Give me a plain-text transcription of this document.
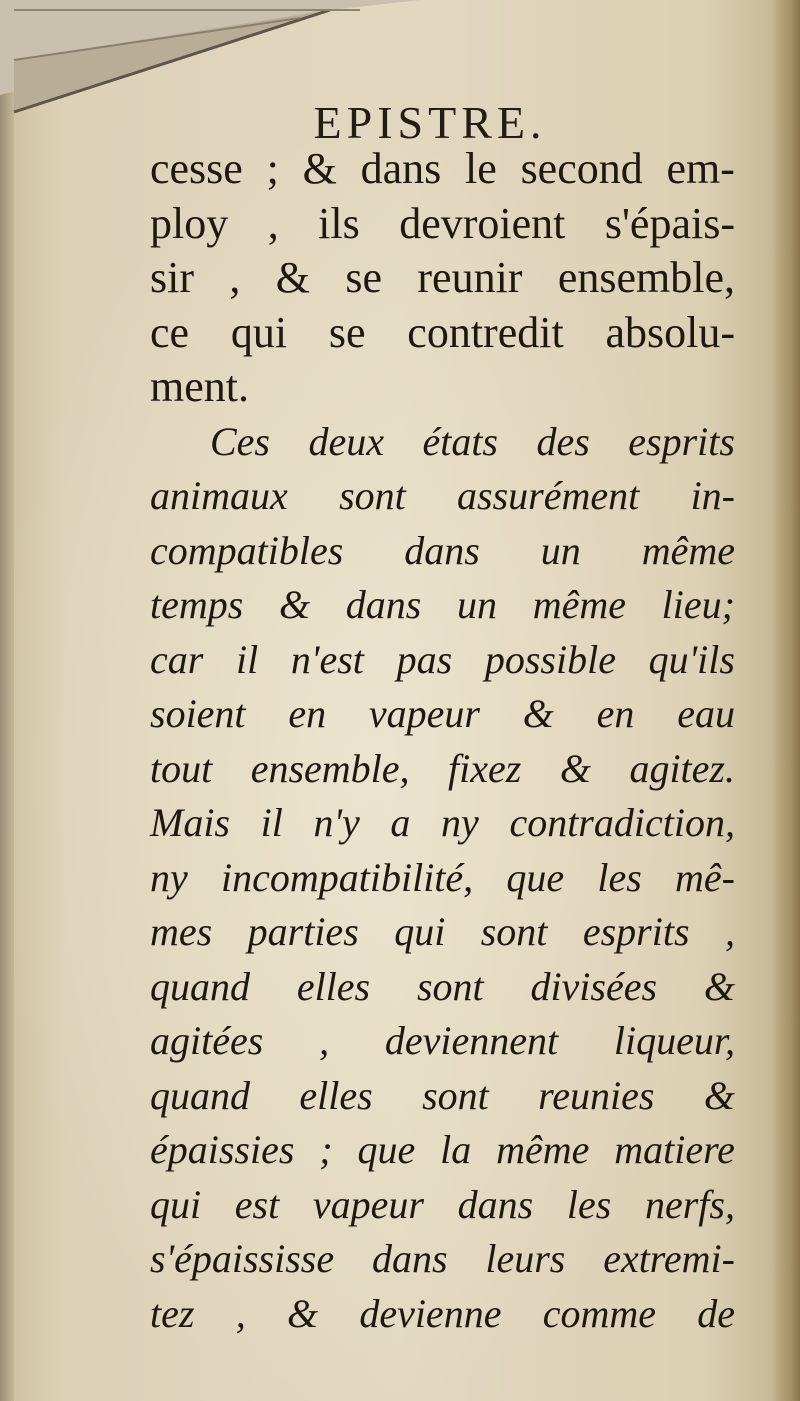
EPISTRE.
cesse ; & dans le second em-
ploy , ils devroient s'épais-
sir , & se reunir ensemble,
ce qui se contredit absolu-
ment.
Ces deux états des esprits
animaux sont assurément in-
compatibles dans un même
temps & dans un même lieu;
car il n'est pas possible qu'ils
soient en vapeur & en eau
tout ensemble, fixez & agitez.
Mais il n'y a ny contradiction,
ny incompatibilité, que les mê-
mes parties qui sont esprits ,
quand elles sont divisées &
agitées , deviennent liqueur,
quand elles sont reunies &
épaissies ; que la même matiere
qui est vapeur dans les nerfs,
s'épaississe dans leurs extremi-
tez , & devienne comme de
